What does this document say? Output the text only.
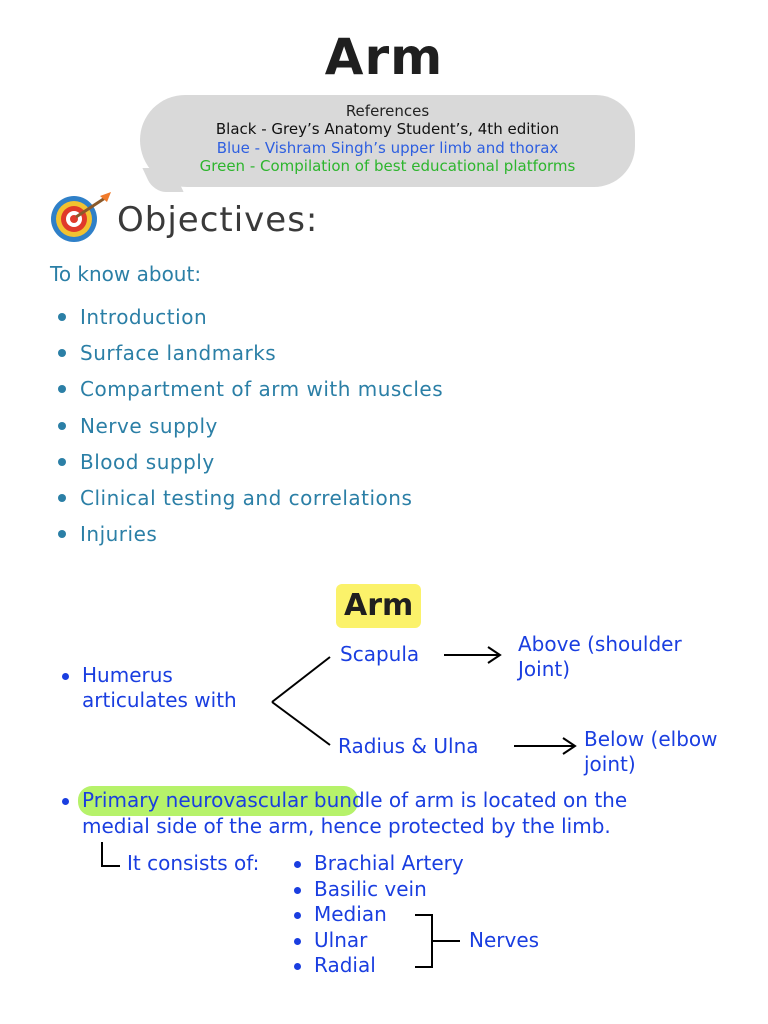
Arm
References
Black - Grey’s Anatomy Student’s, 4th edition
Blue - Vishram Singh’s upper limb and thorax
Green - Compilation of best educational platforms
Objectives:
To know about:
Introduction
Surface landmarks
Compartment of arm with muscles
Nerve supply
Blood supply
Clinical testing and correlations
Injuries
Arm
Humerus
articulates with
Scapula	Above (shoulder
Joint)
Radius & Ulna	Below (elbow
joint)
Primary neurovascular bundle of arm is located on the
medial side of the arm, hence protected by the limb.
It consists of:	Brachial Artery
Basilic vein
Median
Ulnar
Radial
Nerves
